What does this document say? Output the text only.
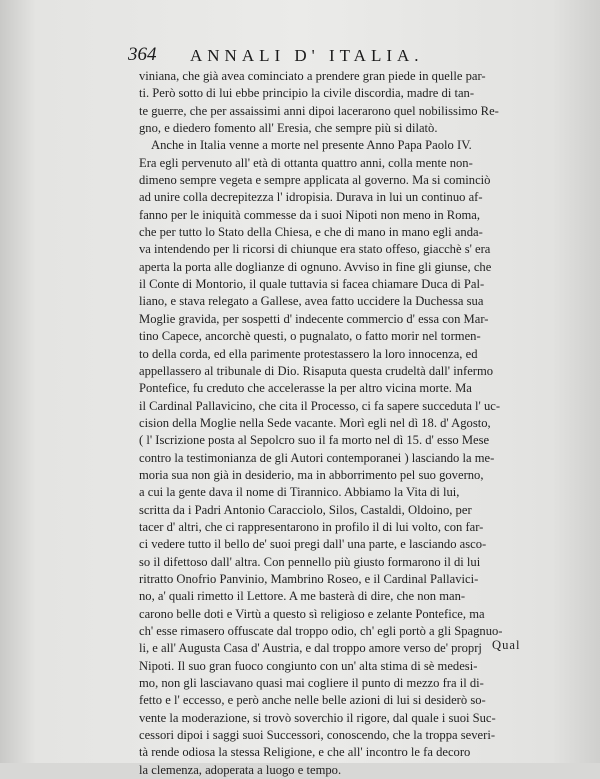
364 ANNALI D' ITALIA.
viniana, che già avea cominciato a prendere gran piede in quelle par-
ti. Però sotto di lui ebbe principio la civile discordia, madre di tan-
te guerre, che per assaissimi anni dipoi lacerarono quel nobilissimo Re-
gno, e diedero fomento all' Eresia, che sempre più si dilatò.
Anche in Italia venne a morte nel presente Anno Papa Paolo IV.
Era egli pervenuto all' età di ottanta quattro anni, colla mente non-
dimeno sempre vegeta e sempre applicata al governo. Ma si cominciò
ad unire colla decrepitezza l' idropisia. Durava in lui un continuo af-
fanno per le iniquità commesse da i suoi Nipoti non meno in Roma,
che per tutto lo Stato della Chiesa, e che di mano in mano egli anda-
va intendendo per li ricorsi di chiunque era stato offeso, giacchè s' era
aperta la porta alle doglianze di ognuno. Avviso in fine gli giunse, che
il Conte di Montorio, il quale tuttavia si facea chiamare Duca di Pal-
liano, e stava relegato a Gallese, avea fatto uccidere la Duchessa sua
Moglie gravida, per sospetti d' indecente commercio d' essa con Mar-
tino Capece, ancorchè questi, o pugnalato, o fatto morir nel tormen-
to della corda, ed ella parimente protestassero la loro innocenza, ed
appellassero al tribunale di Dio. Risaputa questa crudeltà dall' infermo
Pontefice, fu creduto che accelerasse la per altro vicina morte. Ma
il Cardinal Pallavicino, che cita il Processo, ci fa sapere succeduta l' uc-
cision della Moglie nella Sede vacante. Morì egli nel dì 18. d' Agosto,
( l' Iscrizione posta al Sepolcro suo il fa morto nel dì 15. d' esso Mese
contro la testimonianza de gli Autori contemporanei ) lasciando la me-
moria sua non già in desiderio, ma in abborrimento pel suo governo,
a cui la gente dava il nome di Tirannico. Abbiamo la Vita di lui,
scritta da i Padri Antonio Caracciolo, Silos, Castaldi, Oldoino, per
tacer d' altri, che ci rappresentarono in profilo il di lui volto, con far-
ci vedere tutto il bello de' suoi pregi dall' una parte, e lasciando asco-
so il difettoso dall' altra. Con pennello più giusto formarono il di lui
ritratto Onofrio Panvinio, Mambrino Roseo, e il Cardinal Pallavici-
no, a' quali rimetto il Lettore. A me basterà di dire, che non man-
carono belle doti e Virtù a questo sì religioso e zelante Pontefice, ma
ch' esse rimasero offuscate dal troppo odio, ch' egli portò a gli Spagnuo-
li, e all' Augusta Casa d' Austria, e dal troppo amore verso de' proprj
Nipoti. Il suo gran fuoco congiunto con un' alta stima di sè medesi-
mo, non gli lasciavano quasi mai cogliere il punto di mezzo fra il di-
fetto e l' eccesso, e però anche nelle belle azioni di lui si desiderò so-
vente la moderazione, si trovò soverchio il rigore, dal quale i suoi Suc-
cessori dipoi i saggi suoi Successori, conoscendo, che la troppa severi-
tà rende odiosa la stessa Religione, e che all' incontro le fa decoro
la clemenza, adoperata a luogo e tempo.
Qual
